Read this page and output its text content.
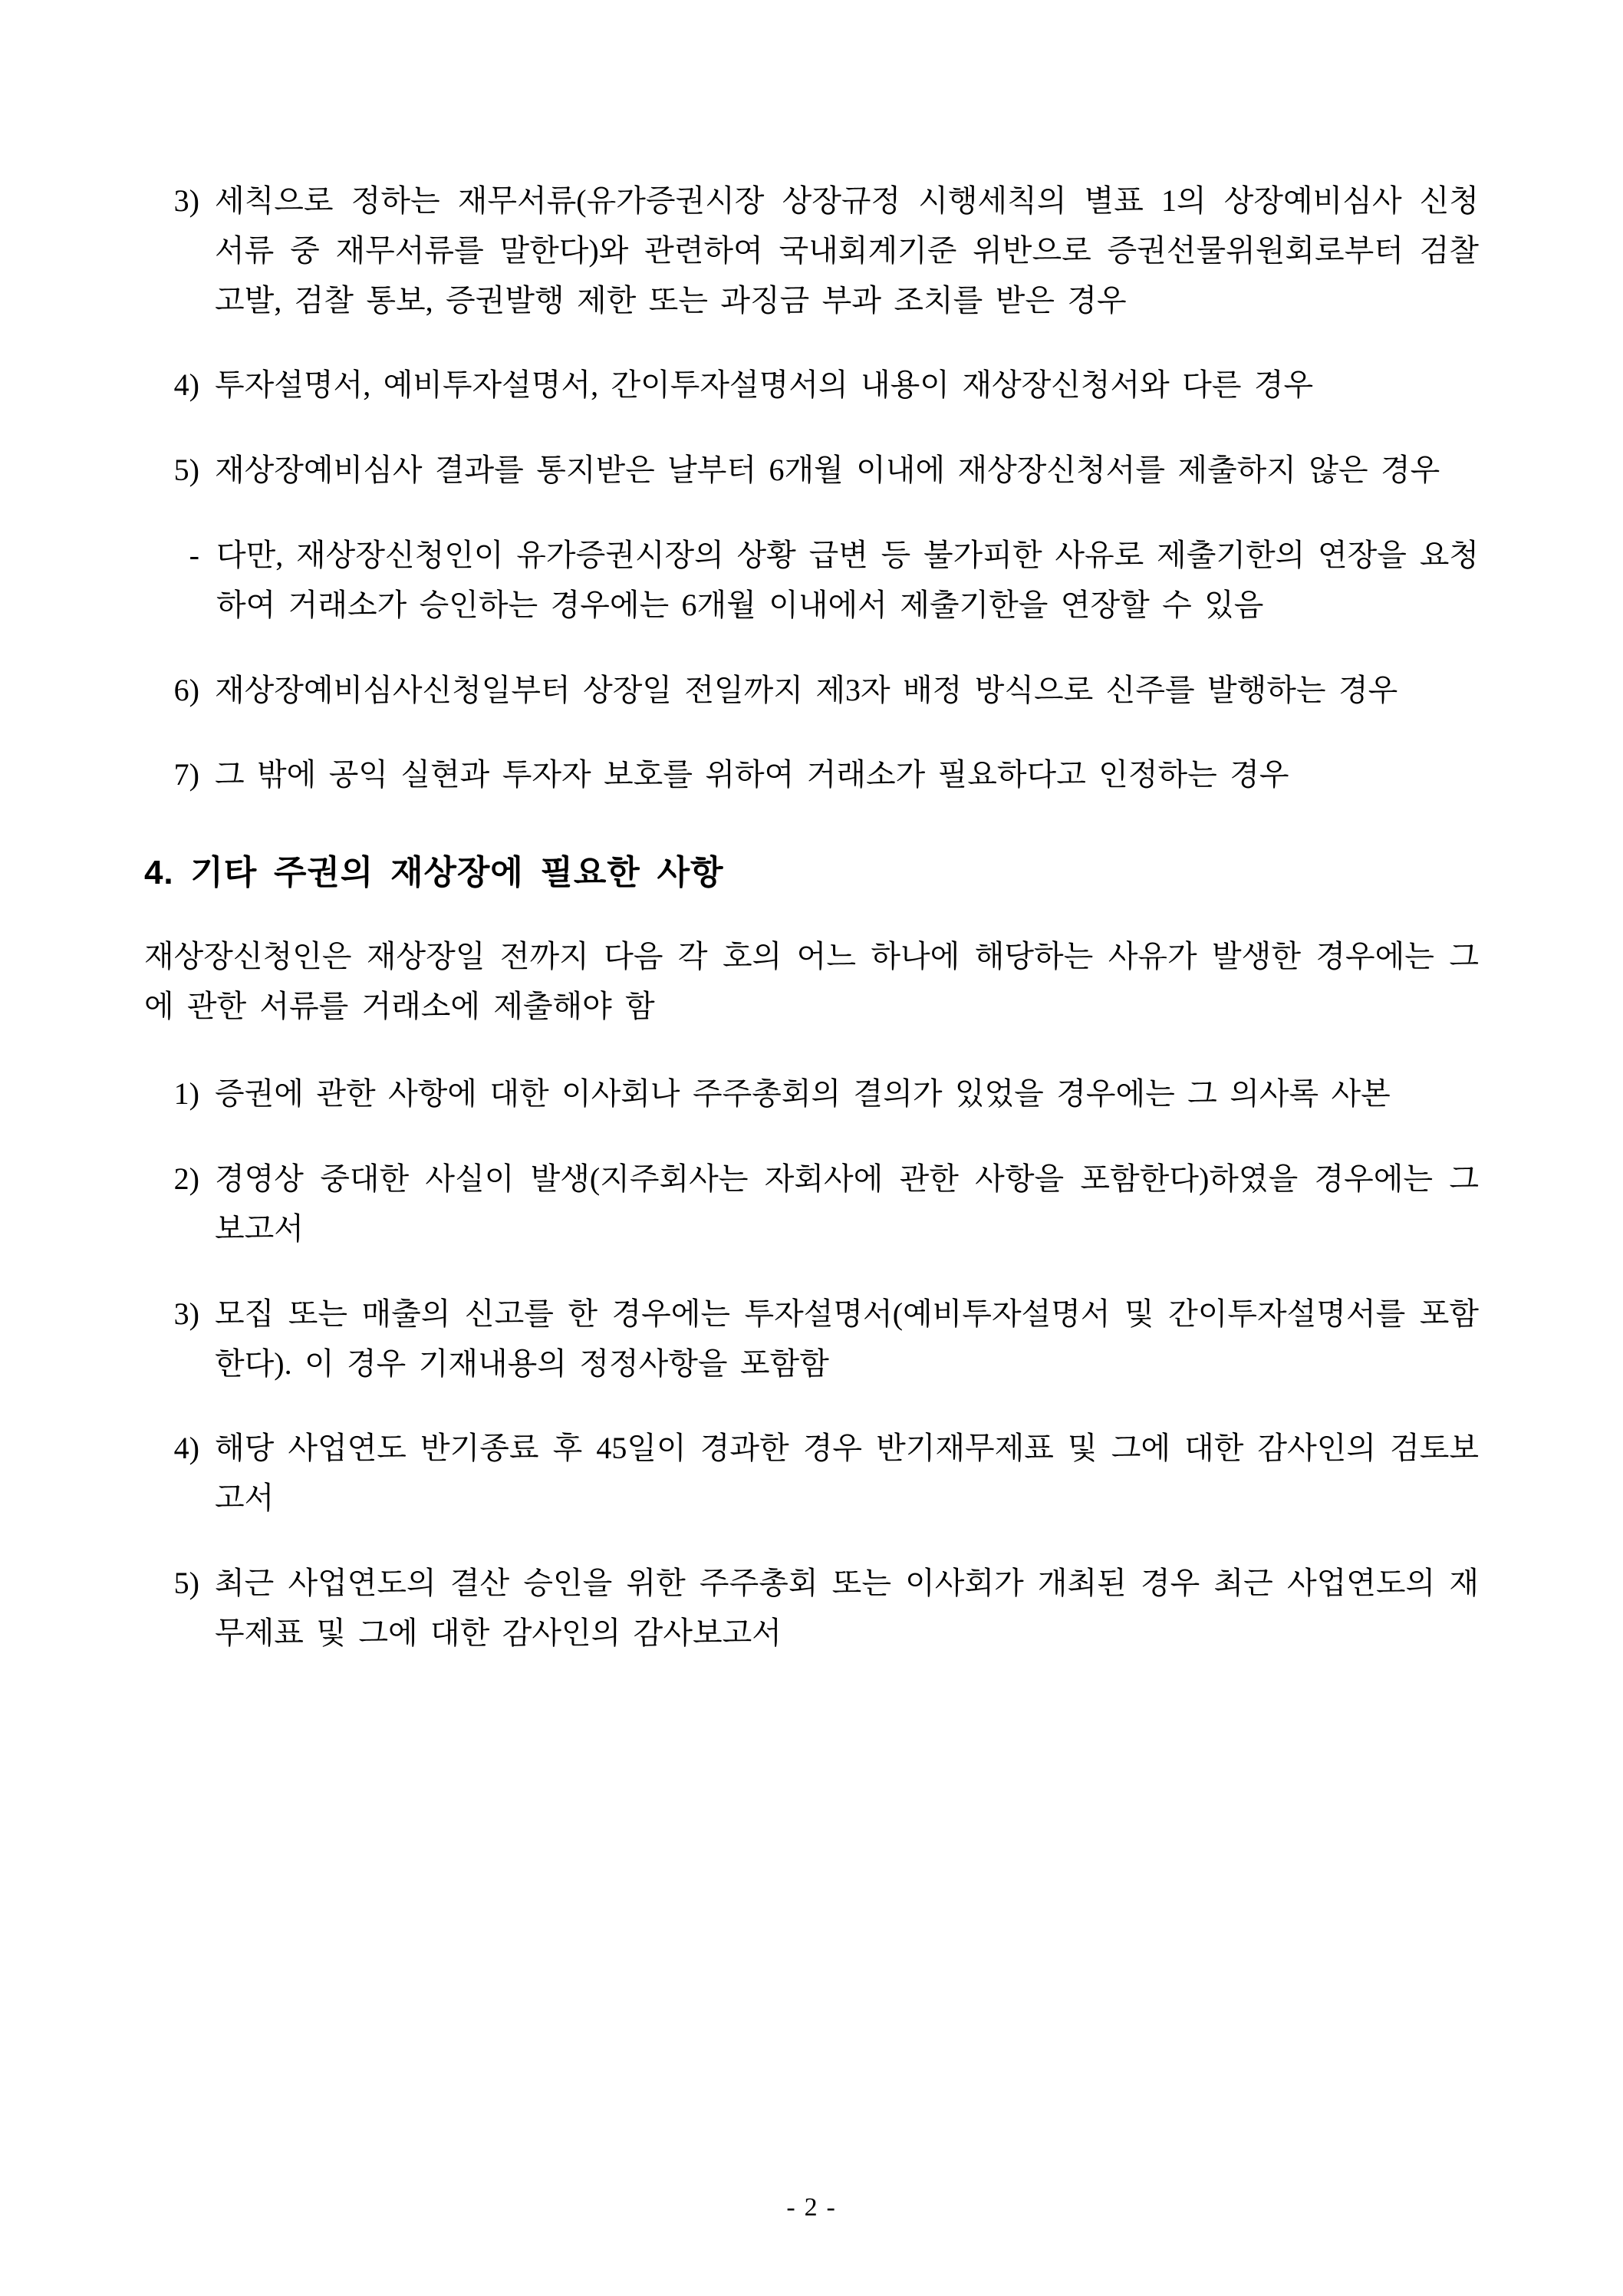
3) 세칙으로 정하는 재무서류(유가증권시장 상장규정 시행세칙의 별표 1의 상장예비심사 신청 서류 중 재무서류를 말한다)와 관련하여 국내회계기준 위반으로 증권선물위원회로부터 검찰 고발, 검찰 통보, 증권발행 제한 또는 과징금 부과 조치를 받은 경우
4) 투자설명서, 예비투자설명서, 간이투자설명서의 내용이 재상장신청서와 다른 경우
5) 재상장예비심사 결과를 통지받은 날부터 6개월 이내에 재상장신청서를 제출하지 않은 경우
- 다만, 재상장신청인이 유가증권시장의 상황 급변 등 불가피한 사유로 제출기한의 연장을 요청하여 거래소가 승인하는 경우에는 6개월 이내에서 제출기한을 연장할 수 있음
6) 재상장예비심사신청일부터 상장일 전일까지 제3자 배정 방식으로 신주를 발행하는 경우
7) 그 밖에 공익 실현과 투자자 보호를 위하여 거래소가 필요하다고 인정하는 경우
4. 기타 주권의 재상장에 필요한 사항

재상장신청인은 재상장일 전까지 다음 각 호의 어느 하나에 해당하는 사유가 발생한 경우에는 그에 관한 서류를 거래소에 제출해야 함

1) 증권에 관한 사항에 대한 이사회나 주주총회의 결의가 있었을 경우에는 그 의사록 사본
2) 경영상 중대한 사실이 발생(지주회사는 자회사에 관한 사항을 포함한다)하였을 경우에는 그 보고서
3) 모집 또는 매출의 신고를 한 경우에는 투자설명서(예비투자설명서 및 간이투자설명서를 포함한다). 이 경우 기재내용의 정정사항을 포함함
4) 해당 사업연도 반기종료 후 45일이 경과한 경우 반기재무제표 및 그에 대한 감사인의 검토보고서
5) 최근 사업연도의 결산 승인을 위한 주주총회 또는 이사회가 개최된 경우 최근 사업연도의 재무제표 및 그에 대한 감사인의 감사보고서
- 2 -
